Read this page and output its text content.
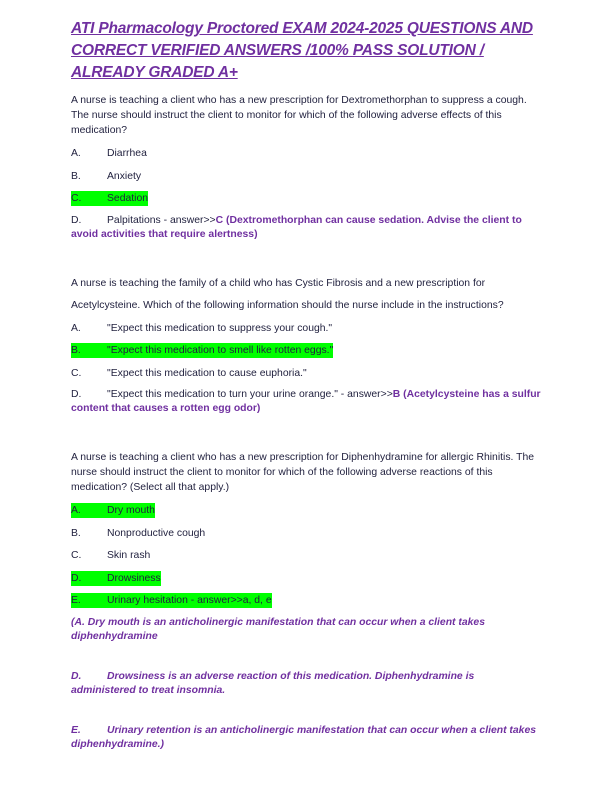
ATI Pharmacology Proctored EXAM 2024-2025 QUESTIONS AND CORRECT VERIFIED ANSWERS /100% PASS SOLUTION / ALREADY GRADED A+

A nurse is teaching a client who has a new prescription for Dextromethorphan to suppress a cough. The nurse should instruct the client to monitor for which of the following adverse effects of this medication?

A.	Diarrhea
B.	Anxiety
C. Sedation

D. Palpitations - answer>>C (Dextromethorphan can cause sedation. Advise the client to avoid activities that require alertness)

A nurse is teaching the family of a child who has Cystic Fibrosis and a new prescription for

Acetylcysteine. Which of the following information should the nurse include in the instructions?

A.	"Expect this medication to suppress your cough."
B.	"Expect this medication to smell like rotten eggs."
C. "Expect this medication to cause euphoria."

D. "Expect this medication to turn your urine orange." - answer>>B (Acetylcysteine has a sulfur content that causes a rotten egg odor)

A nurse is teaching a client who has a new prescription for Diphenhydramine for allergic Rhinitis. The nurse should instruct the client to monitor for which of the following adverse reactions of this medication? (Select all that apply.)

A.	Dry mouth
B.	Nonproductive cough
C. Skin rash
D. Drowsiness
E.	Urinary hesitation - answer>>a, d, e

(A. Dry mouth is an anticholinergic manifestation that can occur when a client takes diphenhydramine

D. Drowsiness is an adverse reaction of this medication. Diphenhydramine is administered to treat insomnia.

E.	Urinary retention is an anticholinergic manifestation that can occur when a client takes diphenhydramine.)
